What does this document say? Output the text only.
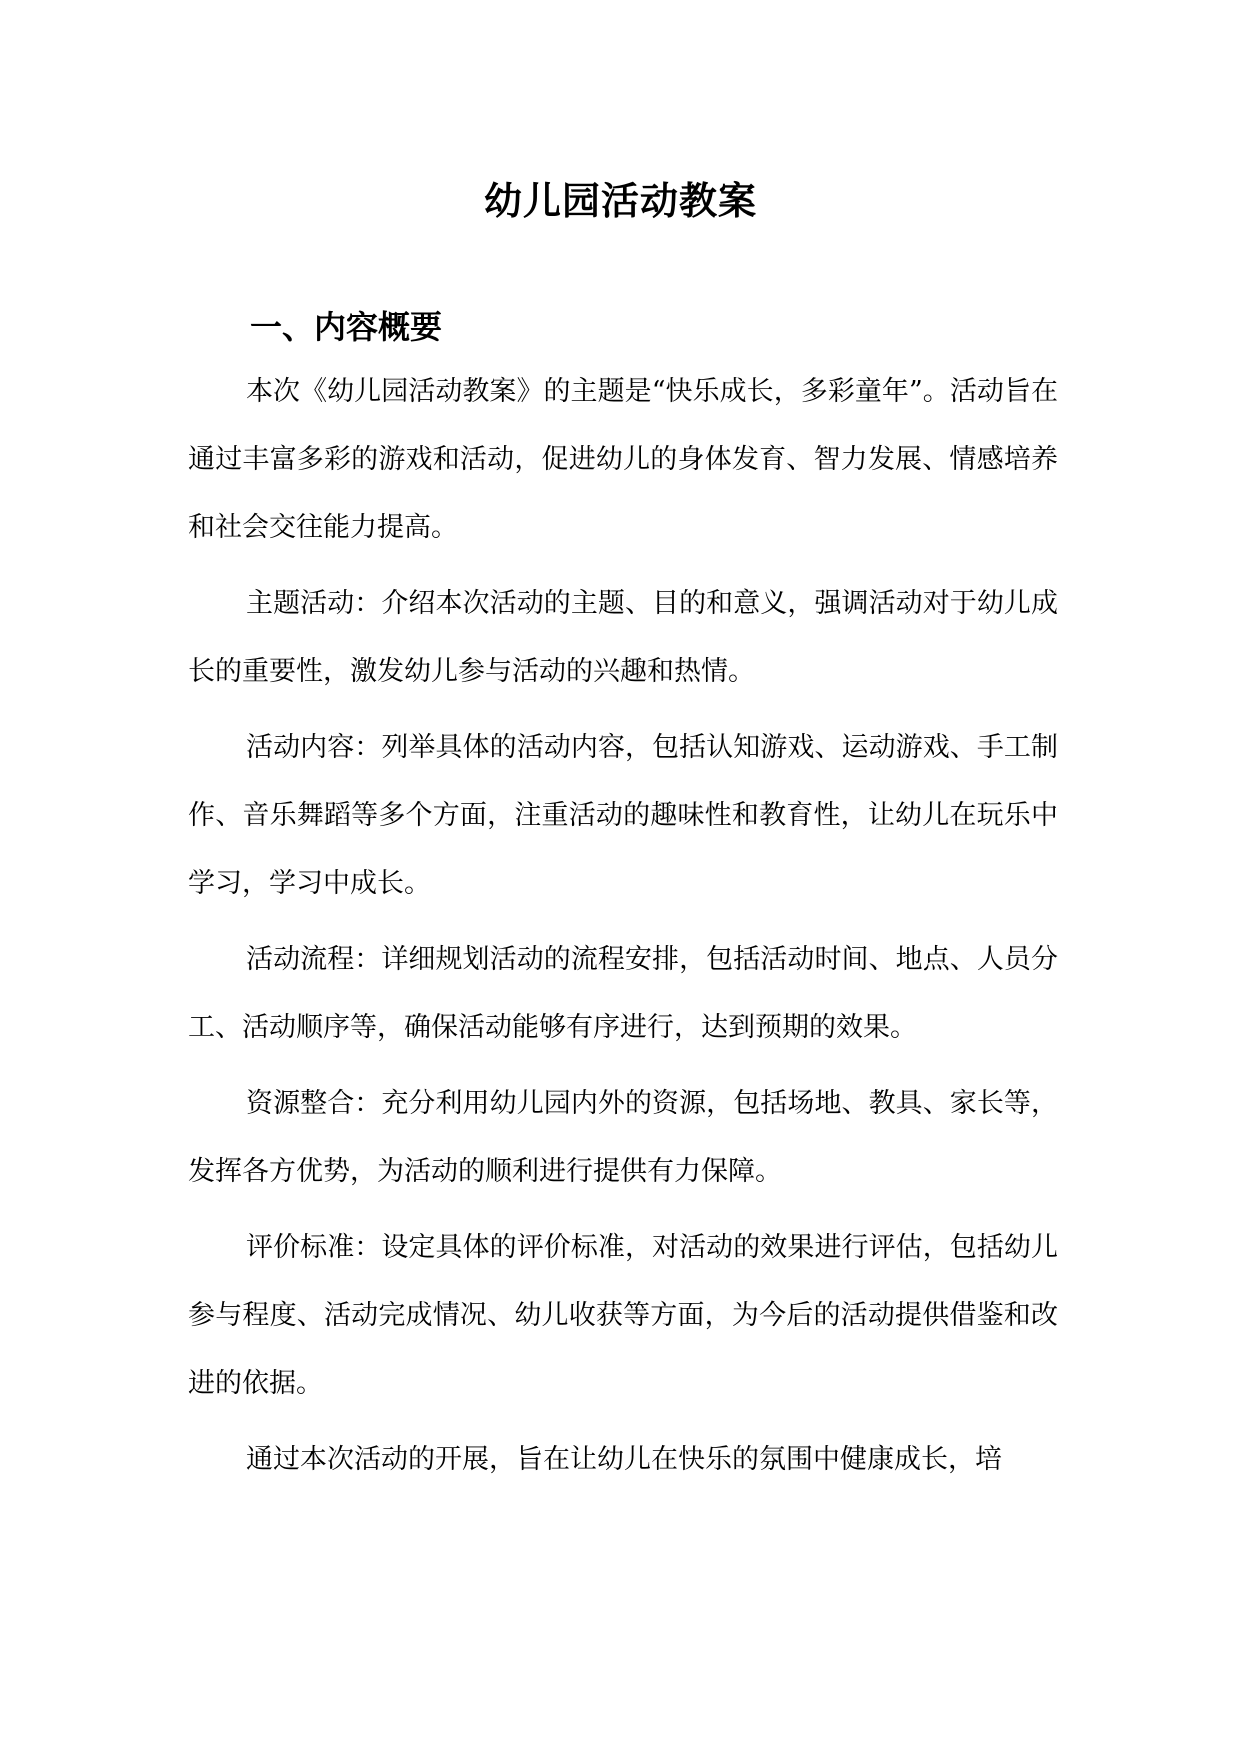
幼儿园活动教案
一、内容概要

本次《幼儿园活动教案》的主题是“快乐成长，多彩童年”。活动旨在通过丰富多彩的游戏和活动，促进幼儿的身体发育、智力发展、情感培养和社会交往能力提高。

主题活动：介绍本次活动的主题、目的和意义，强调活动对于幼儿成长的重要性，激发幼儿参与活动的兴趣和热情。

活动内容：列举具体的活动内容，包括认知游戏、运动游戏、手工制作、音乐舞蹈等多个方面，注重活动的趣味性和教育性，让幼儿在玩乐中学习，学习中成长。

活动流程：详细规划活动的流程安排，包括活动时间、地点、人员分工、活动顺序等，确保活动能够有序进行，达到预期的效果。

资源整合：充分利用幼儿园内外的资源，包括场地、教具、家长等，发挥各方优势，为活动的顺利进行提供有力保障。

评价标准：设定具体的评价标准，对活动的效果进行评估，包括幼儿参与程度、活动完成情况、幼儿收获等方面，为今后的活动提供借鉴和改进的依据。

通过本次活动的开展，旨在让幼儿在快乐的氛围中健康成长，培
